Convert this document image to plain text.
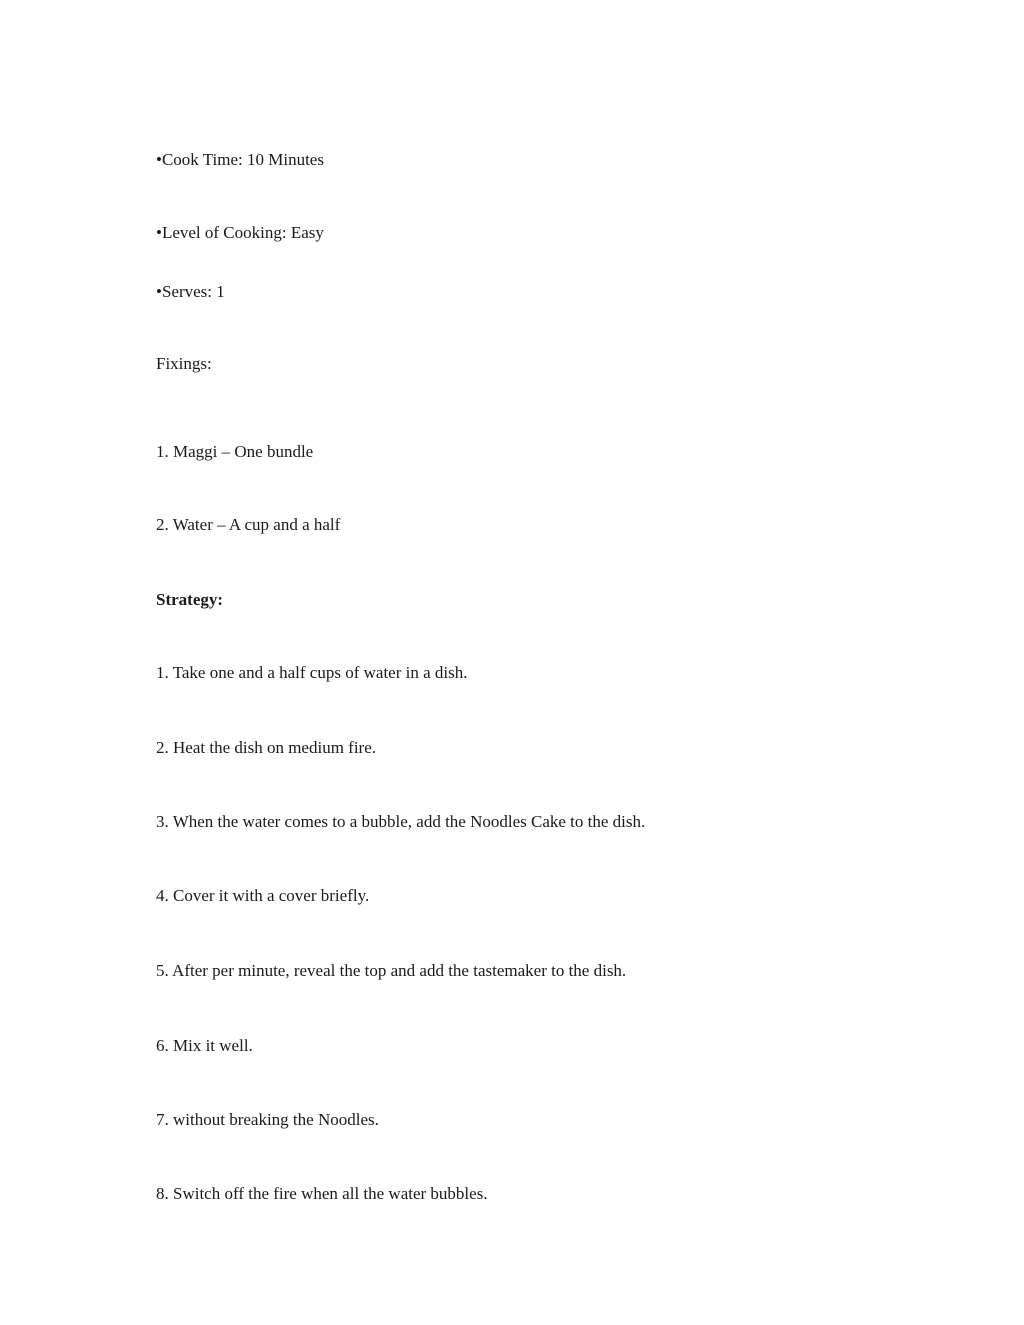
•Cook Time: 10 Minutes
•Level of Cooking: Easy
•Serves: 1
Fixings:
1. Maggi – One bundle
2. Water – A cup and a half
Strategy:
1. Take one and a half cups of water in a dish.
2. Heat the dish on medium fire.
3. When the water comes to a bubble, add the Noodles Cake to the dish.
4. Cover it with a cover briefly.
5. After per minute, reveal the top and add the tastemaker to the dish.
6. Mix it well.
7. without breaking the Noodles.
8. Switch off the fire when all the water bubbles.
